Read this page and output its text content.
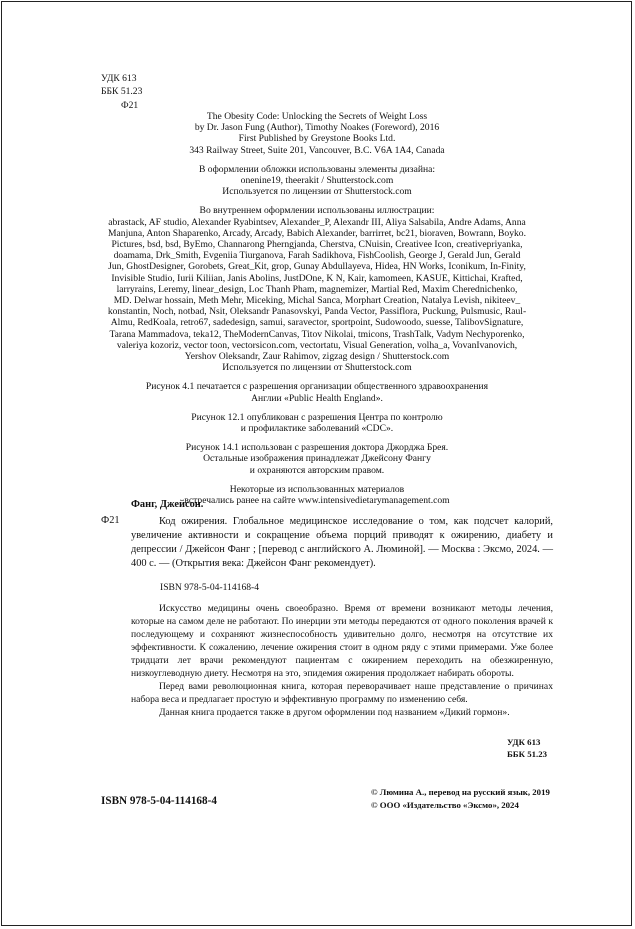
УДК 613
ББК 51.23
Ф21

The Obesity Code: Unlocking the Secrets of Weight Loss

by Dr. Jason Fung (Author), Timothy Noakes (Foreword), 2016

First Published by Greystone Books Ltd.

343 Railway Street, Suite 201, Vancouver, B.C. V6A 1A4, Canada

В оформлении обложки использованы элементы дизайна:

onenine19, theerakit / Shutterstock.com

Используется по лицензии от Shutterstock.com

Во внутреннем оформлении использованы иллюстрации:

abrastack, AF studio, Alexander Ryabintsev, Alexander_P, Alexandr III, Aliya Salsabila, Andre Adams, Anna

Manjuna, Anton Shaparenko, Arcady, Arcady, Babich Alexander, barrirret, bc21, bioraven, Bowrann, Boyko.

Pictures, bsd, bsd, ByEmo, Channarong Pherngjanda, Cherstva, CNuisin, Creativee Icon, creativepriyanka,

doamama, Drk_Smith, Evgeniia Tiurganova, Farah Sadikhova, FishCoolish, George J, Gerald Jun, Gerald

Jun, GhostDesigner, Gorobets, Great_Kit, grop, Gunay Abdullayeva, Hidea, HN Works, Iconikum, In-Finity,

Invisible Studio, Iurii Kiliian, Janis Abolins, JustDOne, K N, Kair, kamomeen, KASUE, Kittichai, Krafted,

larryrains, Leremy, linear_design, Loc Thanh Pham, magnemizer, Martial Red, Maxim Cherednichenko,

MD. Delwar hossain, Meth Mehr, Miceking, Michal Sanca, Morphart Creation, Natalya Levish, nikiteev_

konstantin, Noch, notbad, Nsit, Oleksandr Panasovskyi, Panda Vector, Passiflora, Puckung, Pulsmusic, Raul-

Almu, RedKoala, retro67, sadedesign, samui, saravector, sportpoint, Sudowoodo, suesse, TalibovSignature,

Tarana Mammadova, teka12, TheModernCanvas, Titov Nikolai, tmicons, TrashTalk, Vadym Nechyporenko,

valeriya kozoriz, vector toon, vectorsicon.com, vectortatu, Visual Generation, volha_a, VovanIvanovich,

Yershov Oleksandr, Zaur Rahimov, zigzag design / Shutterstock.com

Используется по лицензии от Shutterstock.com

Рисунок 4.1 печатается с разрешения организации общественного здравоохранения

Англии «Public Health England».

Рисунок 12.1 опубликован с разрешения Центра по контролю

и профилактике заболеваний «CDC».

Рисунок 14.1 использован с разрешения доктора Джорджа Брея.

Остальные изображения принадлежат Джейсону Фангу

и охраняются авторским правом.

Некоторые из использованных материалов

встречались ранее на сайте www.intensivedietarymanagement.com

Фанг, Джейсон.
Ф21	Код ожирения. Глобальное медицинское исследование о том, как подсчет калорий, увеличение активности и сокращение объема порций приводят к ожирению, диабету и депрессии / Джейсон Фанг ; [перевод с английского А. Люминой]. — Москва : Эксмо, 2024. — 400 с. — (Открытия века: Джейсон Фанг рекомендует).
ISBN 978-5-04-114168-4

Искусство медицины очень своеобразно. Время от времени возникают методы лечения, которые на самом деле не работают. По инерции эти методы передаются от одного поколения врачей к последующему и сохраняют жизнеспособность удивительно долго, несмотря на отсутствие их эффективности. К сожалению, лечение ожирения стоит в одном ряду с этими примерами. Уже более тридцати лет врачи рекомендуют пациентам с ожирением переходить на обезжиренную, низкоуглеводную диету. Несмотря на это, эпидемия ожирения продолжает набирать обороты.

Перед вами революционная книга, которая переворачивает наше представление о причинах набора веса и предлагает простую и эффективную программу по изменению себя.

Данная книга продается также в другом оформлении под названием «Дикий гормон».

УДК 613
ББК 51.23
ISBN 978-5-04-114168-4
© Люмина А., перевод на русский язык, 2019
© ООО «Издательство «Эксмо», 2024
